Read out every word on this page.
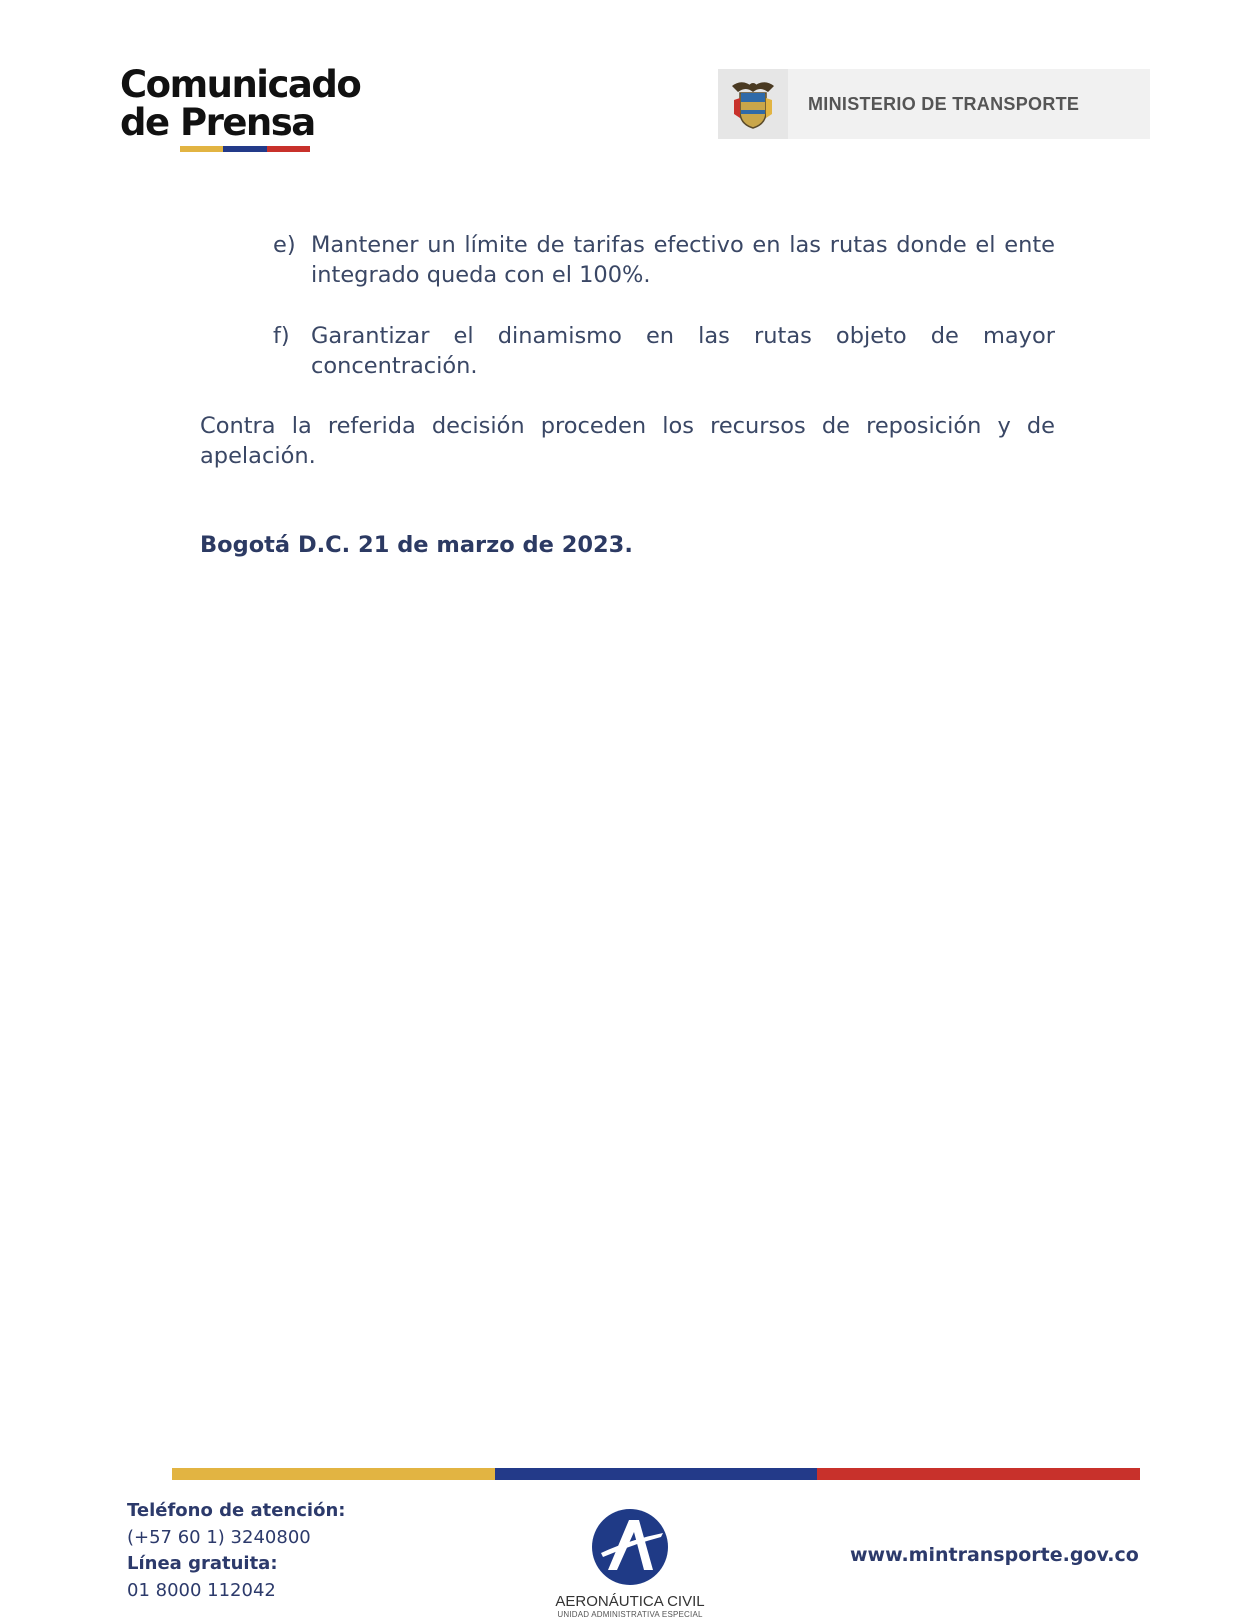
Comunicado
de Prensa	MINISTERIO DE TRANSPORTE
e) Mantener un límite de tarifas efectivo en las rutas donde el ente integrado queda con el 100%.
f) Garantizar el dinamismo en las rutas objeto de mayor concentración.
Contra la referida decisión proceden los recursos de reposición y de apelación.
Bogotá D.C. 21 de marzo de 2023.
Teléfono de atención:
(+57 60 1) 3240800
Línea gratuita:
01 8000 112042
AERONÁUTICA CIVIL
UNIDAD ADMINISTRATIVA ESPECIAL
www.mintransporte.gov.co
